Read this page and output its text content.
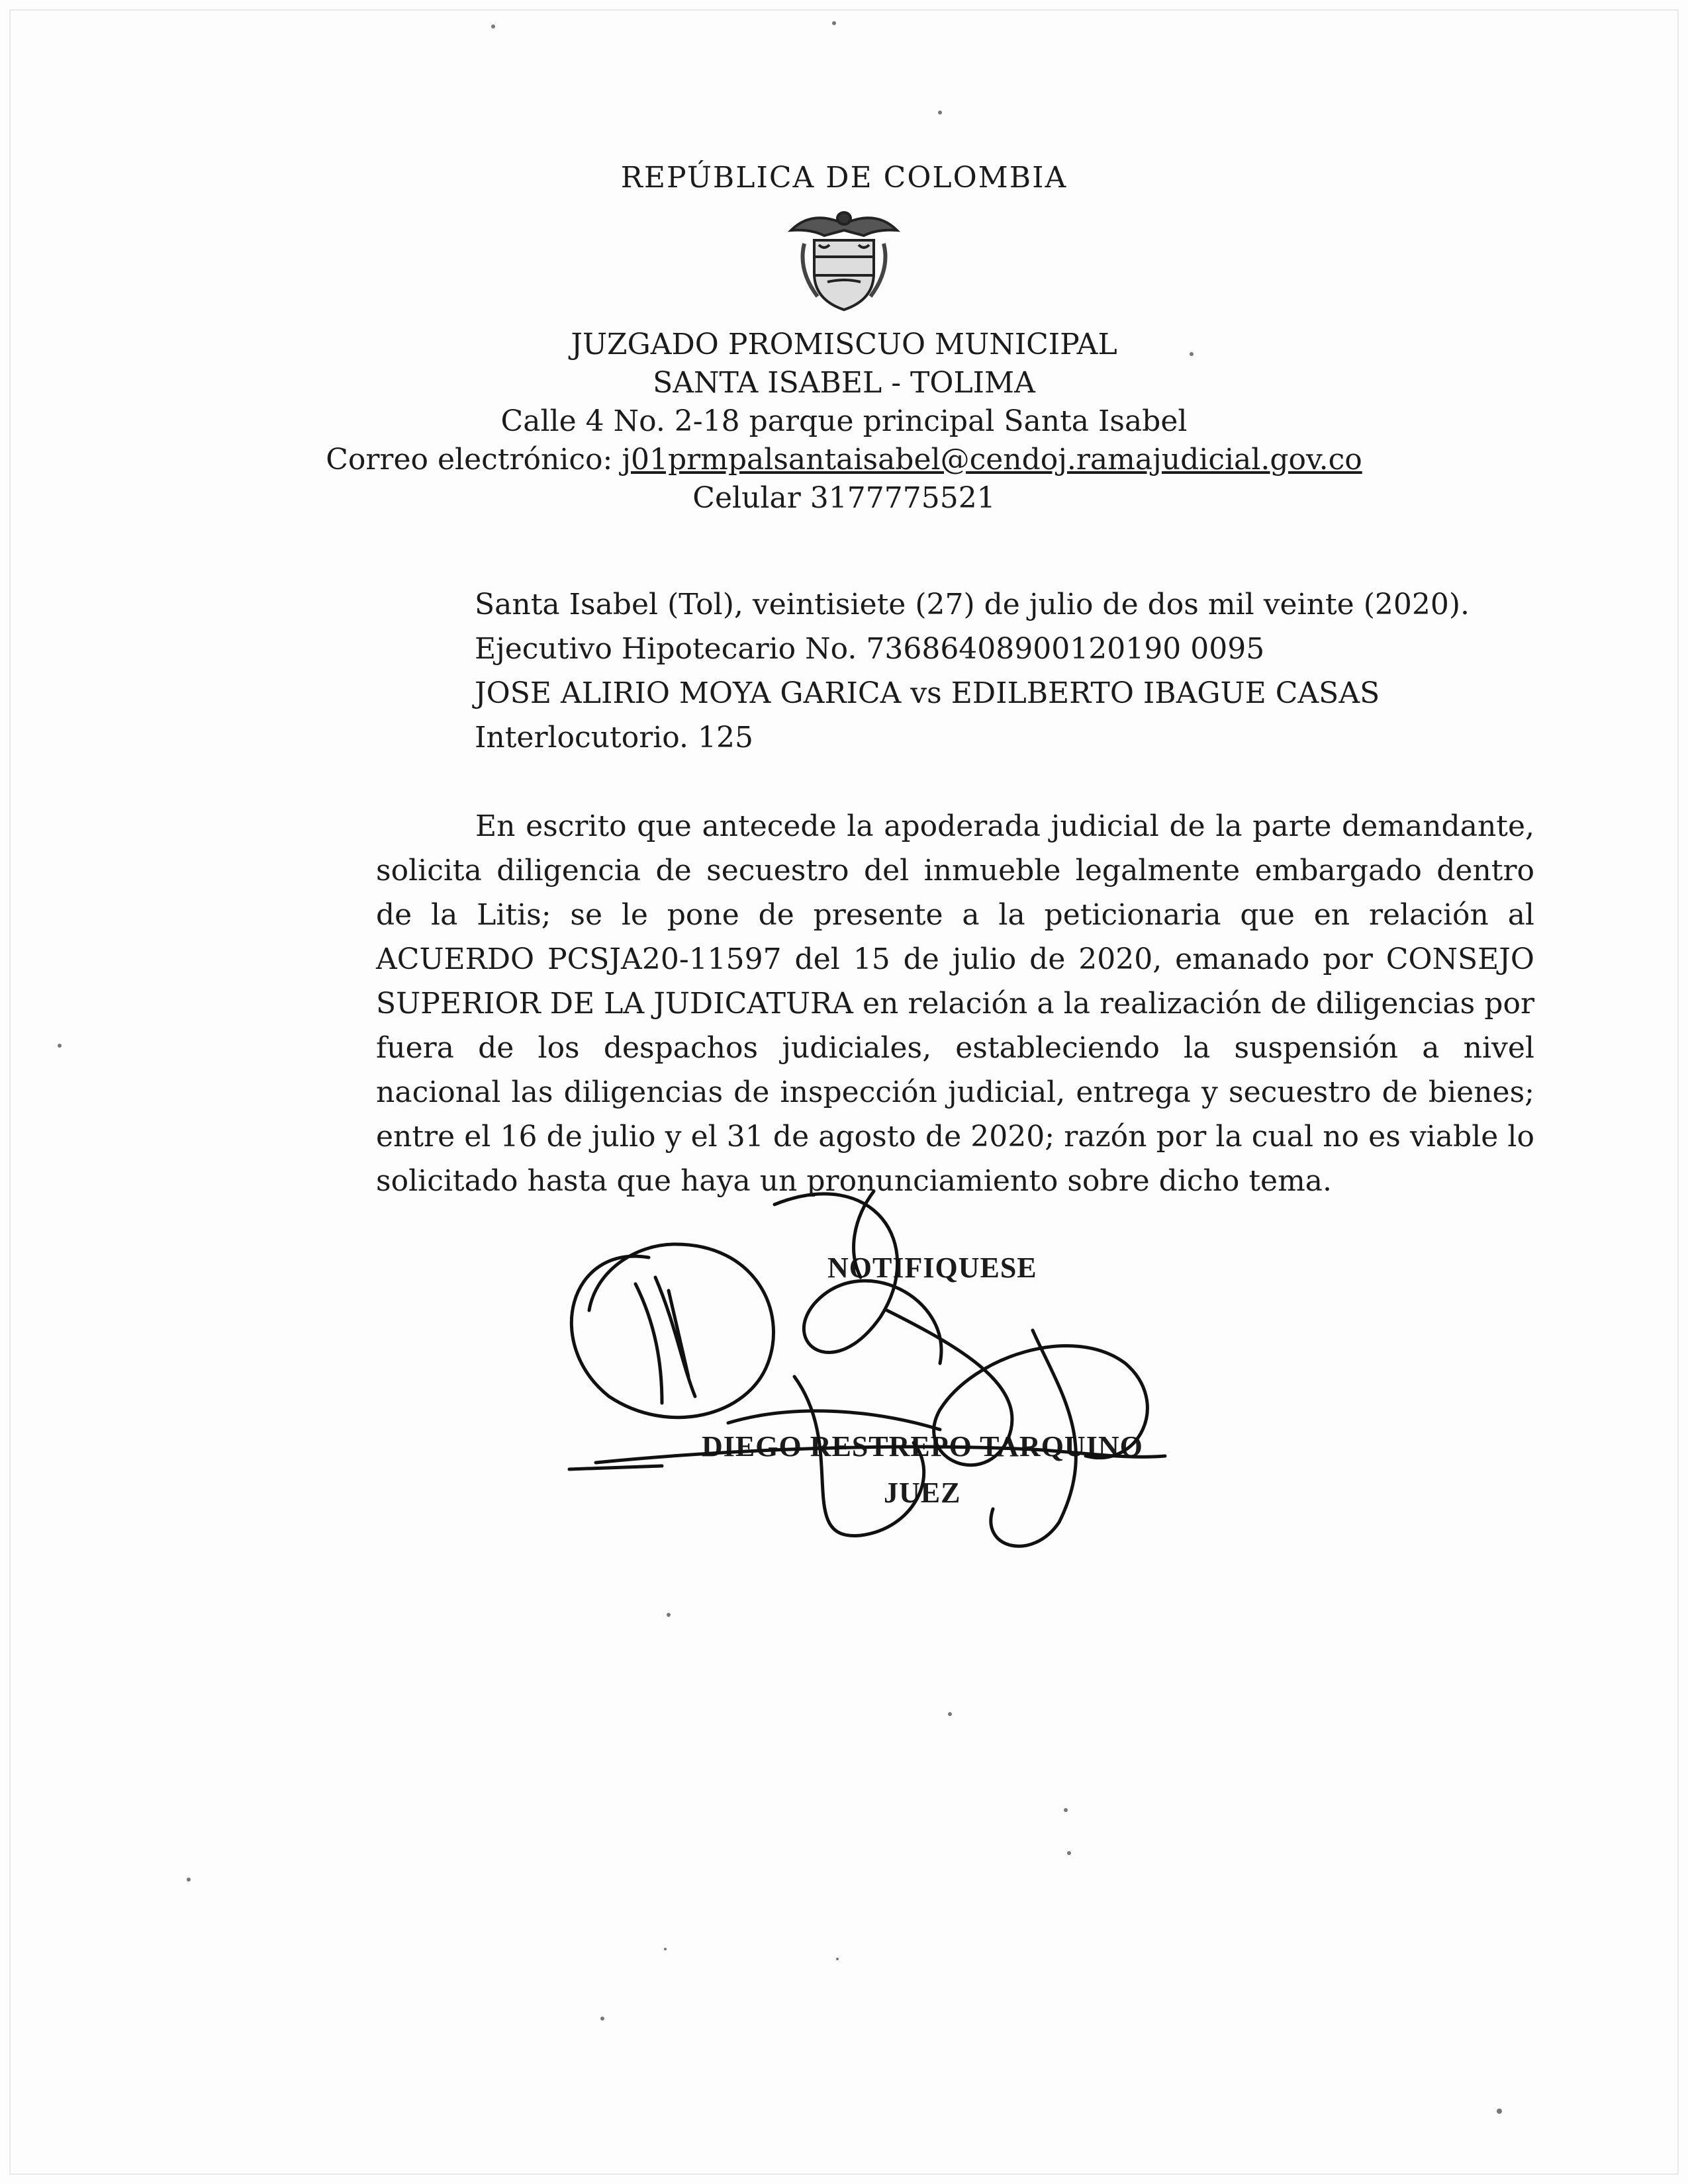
REPÚBLICA DE COLOMBIA
JUZGADO PROMISCUO MUNICIPAL
SANTA ISABEL - TOLIMA
Calle 4 No. 2-18 parque principal Santa Isabel
Correo electrónico: j01prmpalsantaisabel@cendoj.ramajudicial.gov.co
Celular 3177775521
Santa Isabel (Tol), veintisiete (27) de julio de dos mil veinte (2020).
Ejecutivo Hipotecario No. 73686408900120190 0095
JOSE ALIRIO MOYA GARICA vs EDILBERTO IBAGUE CASAS
Interlocutorio. 125

En escrito que antecede la apoderada judicial de la parte demandante, solicita diligencia de secuestro del inmueble legalmente embargado dentro de la Litis; se le pone de presente a la peticionaria que en relación al ACUERDO PCSJA20-11597 del 15 de julio de 2020, emanado por CONSEJO SUPERIOR DE LA JUDICATURA en relación a la realización de diligencias por fuera de los despachos judiciales, estableciendo la suspensión a nivel nacional las diligencias de inspección judicial, entrega y secuestro de bienes; entre el 16 de julio y el 31 de agosto de 2020; razón por la cual no es viable lo solicitado hasta que haya un pronunciamiento sobre dicho tema.

NOTIFIQUESE
DIEGO RESTREPO TARQUINO
JUEZ
